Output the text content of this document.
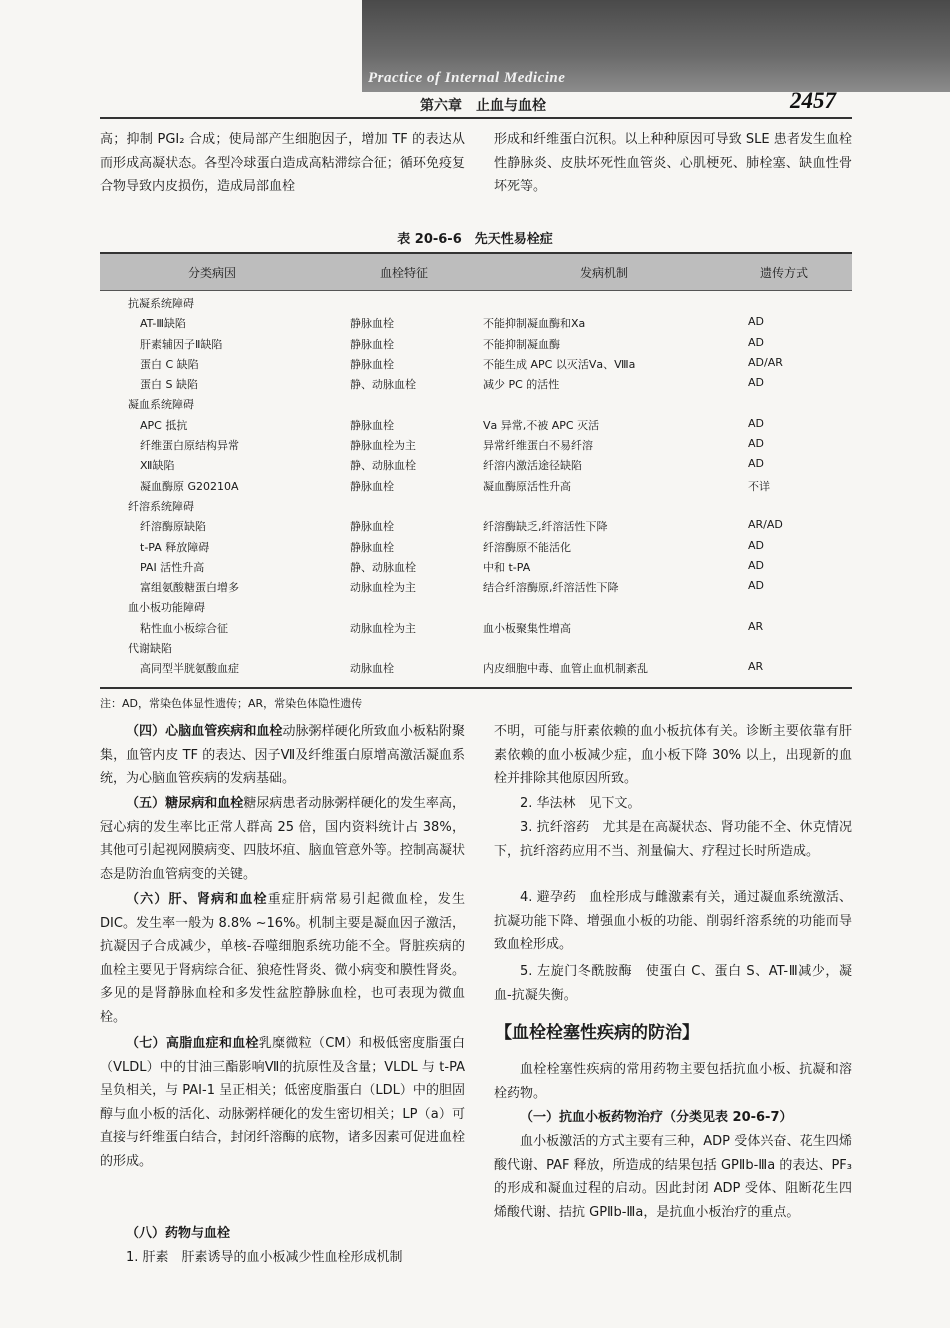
Practice of Internal Medicine
第六章　止血与血栓	2457
高；抑制 PGI₂ 合成；使局部产生细胞因子，增加 TF 的表达从而形成高凝状态。各型冷球蛋白造成高粘滞综合征；循环免疫复合物导致内皮损伤，造成局部血栓
形成和纤维蛋白沉积。以上种种原因可导致 SLE 患者发生血栓性静脉炎、皮肤坏死性血管炎、心肌梗死、肺栓塞、缺血性骨坏死等。
表 20-6-6　先天性易栓症
分类病因	血栓特征	发病机制	遗传方式
抗凝系统障碍
AT-Ⅲ缺陷	静脉血栓	不能抑制凝血酶和Ⅹa	AD
肝素辅因子Ⅱ缺陷	静脉血栓	不能抑制凝血酶	AD
蛋白 C 缺陷	静脉血栓	不能生成 APC 以灭活Ⅴa、Ⅷa	AD/AR
蛋白 S 缺陷	静、动脉血栓	减少 PC 的活性	AD
凝血系统障碍
APC 抵抗	静脉血栓	Ⅴa 异常,不被 APC 灭活	AD
纤维蛋白原结构异常	静脉血栓为主	异常纤维蛋白不易纤溶	AD
Ⅻ缺陷	静、动脉血栓	纤溶内激活途径缺陷	AD
凝血酶原 G20210A	静脉血栓	凝血酶原活性升高	不详
纤溶系统障碍
纤溶酶原缺陷	静脉血栓	纤溶酶缺乏,纤溶活性下降	AR/AD
t-PA 释放障碍	静脉血栓	纤溶酶原不能活化	AD
PAI 活性升高	静、动脉血栓	中和 t-PA	AD
富组氨酸糖蛋白增多	动脉血栓为主	结合纤溶酶原,纤溶活性下降	AD
血小板功能障碍
粘性血小板综合征	动脉血栓为主	血小板聚集性增高	AR
代谢缺陷
高同型半胱氨酸血症	动脉血栓	内皮细胞中毒、血管止血机制紊乱	AR
注：AD，常染色体显性遗传；AR，常染色体隐性遗传
（四）心脑血管疾病和血栓动脉粥样硬化所致血小板粘附聚集，血管内皮 TF 的表达、因子Ⅶ及纤维蛋白原增高激活凝血系统，为心脑血管疾病的发病基础。
（五）糖尿病和血栓糖尿病患者动脉粥样硬化的发生率高，冠心病的发生率比正常人群高 25 倍，国内资料统计占 38%，其他可引起视网膜病变、四肢坏疽、脑血管意外等。控制高凝状态是防治血管病变的关键。
（六）肝、肾病和血栓重症肝病常易引起微血栓，发生 DIC。发生率一般为 8.8% ~16%。机制主要是凝血因子激活，抗凝因子合成减少，单核-吞噬细胞系统功能不全。肾脏疾病的血栓主要见于肾病综合征、狼疮性肾炎、微小病变和膜性肾炎。多见的是肾静脉血栓和多发性盆腔静脉血栓，也可表现为微血栓。
（七）高脂血症和血栓乳糜微粒（CM）和极低密度脂蛋白（VLDL）中的甘油三酯影响Ⅶ的抗原性及含量；VLDL 与 t-PA 呈负相关，与 PAI-1 呈正相关；低密度脂蛋白（LDL）中的胆固醇与血小板的活化、动脉粥样硬化的发生密切相关；LP（a）可直接与纤维蛋白结合，封闭纤溶酶的底物，诸多因素可促进血栓的形成。
（八）药物与血栓
1. 肝素　肝素诱导的血小板减少性血栓形成机制
不明，可能与肝素依赖的血小板抗体有关。诊断主要依靠有肝素依赖的血小板减少症，血小板下降 30% 以上，出现新的血栓并排除其他原因所致。
2. 华法林　见下文。
3. 抗纤溶药　尤其是在高凝状态、肾功能不全、休克情况下，抗纤溶药应用不当、剂量偏大、疗程过长时所造成。
4. 避孕药　血栓形成与雌激素有关，通过凝血系统激活、抗凝功能下降、增强血小板的功能、削弱纤溶系统的功能而导致血栓形成。
5. 左旋门冬酰胺酶　使蛋白 C、蛋白 S、AT-Ⅲ减少，凝血-抗凝失衡。
【血栓栓塞性疾病的防治】
血栓栓塞性疾病的常用药物主要包括抗血小板、抗凝和溶栓药物。
（一）抗血小板药物治疗（分类见表 20-6-7）
血小板激活的方式主要有三种，ADP 受体兴奋、花生四烯酸代谢、PAF 释放，所造成的结果包括 GPⅡb-Ⅲa 的表达、PF₃ 的形成和凝血过程的启动。因此封闭 ADP 受体、阻断花生四烯酸代谢、拮抗 GPⅡb-Ⅲa，是抗血小板治疗的重点。
